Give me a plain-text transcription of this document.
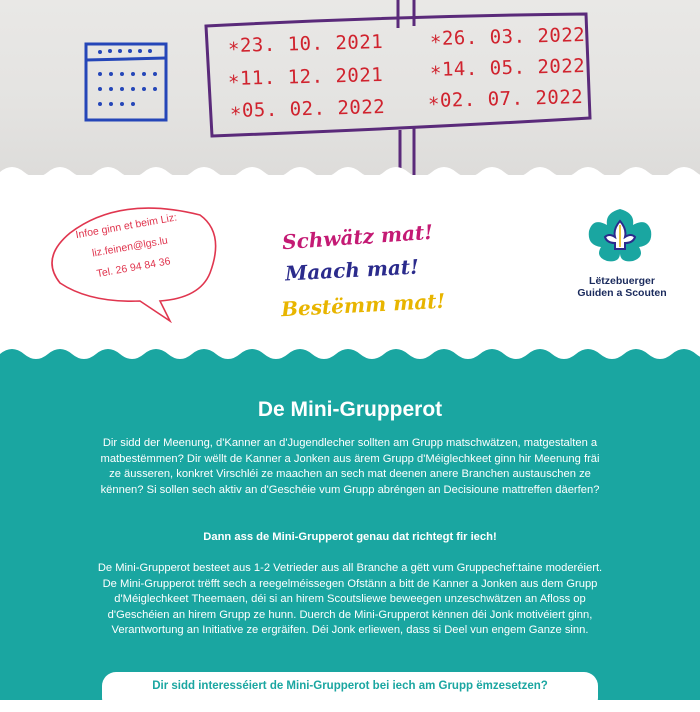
∗23. 10. 2021
∗11. 12. 2021
∗05. 02. 2022
∗26. 03. 2022
∗14. 05. 2022
∗02. 07. 2022
Infoe ginn et beim Liz:
liz.feinen@lgs.lu
Tel. 26 94 84 36
Schwätz mat!
Maach mat!
Bestëmm mat!
Lëtzebuerger
Guiden a Scouten
De Mini-Grupperot

Dir sidd der Meenung, d'Kanner an d'Jugendlecher sollten am Grupp matschwätzen, matgestalten a matbestëmmen? Dir wëllt de Kanner a Jonken aus ärem Grupp d'Méiglechkeet ginn hir Meenung fräi ze äusseren, konkret Virschléi ze maachen an sech mat deenen anere Branchen austauschen ze kënnen? Si sollen sech aktiv an d'Geschéie vum Grupp abréngen an Decisioune mattreffen däerfen?

Dann ass de Mini-Grupperot genau dat richtegt fir iech!

De Mini-Grupperot besteet aus 1-2 Vetrieder aus all Branche a gëtt vum Gruppechef:taine moderéiert. De Mini-Grupperot trëfft sech a reegelméissegen Ofstänn a bitt de Kanner a Jonken aus dem Grupp d'Méiglechkeet Theemaen, déi si an hirem Scoutsliewe beweegen unzeschwätzen an Afloss op d'Geschéien an hirem Grupp ze hunn. Duerch de Mini-Grupperot kënnen déi Jonk motivéiert ginn, Verantwortung an Initiative ze ergräifen. Déi Jonk erliewen, dass si Deel vun engem Ganze sinn.

Dir sidd interesséiert de Mini-Grupperot bei iech am Grupp ëmzesetzen?
